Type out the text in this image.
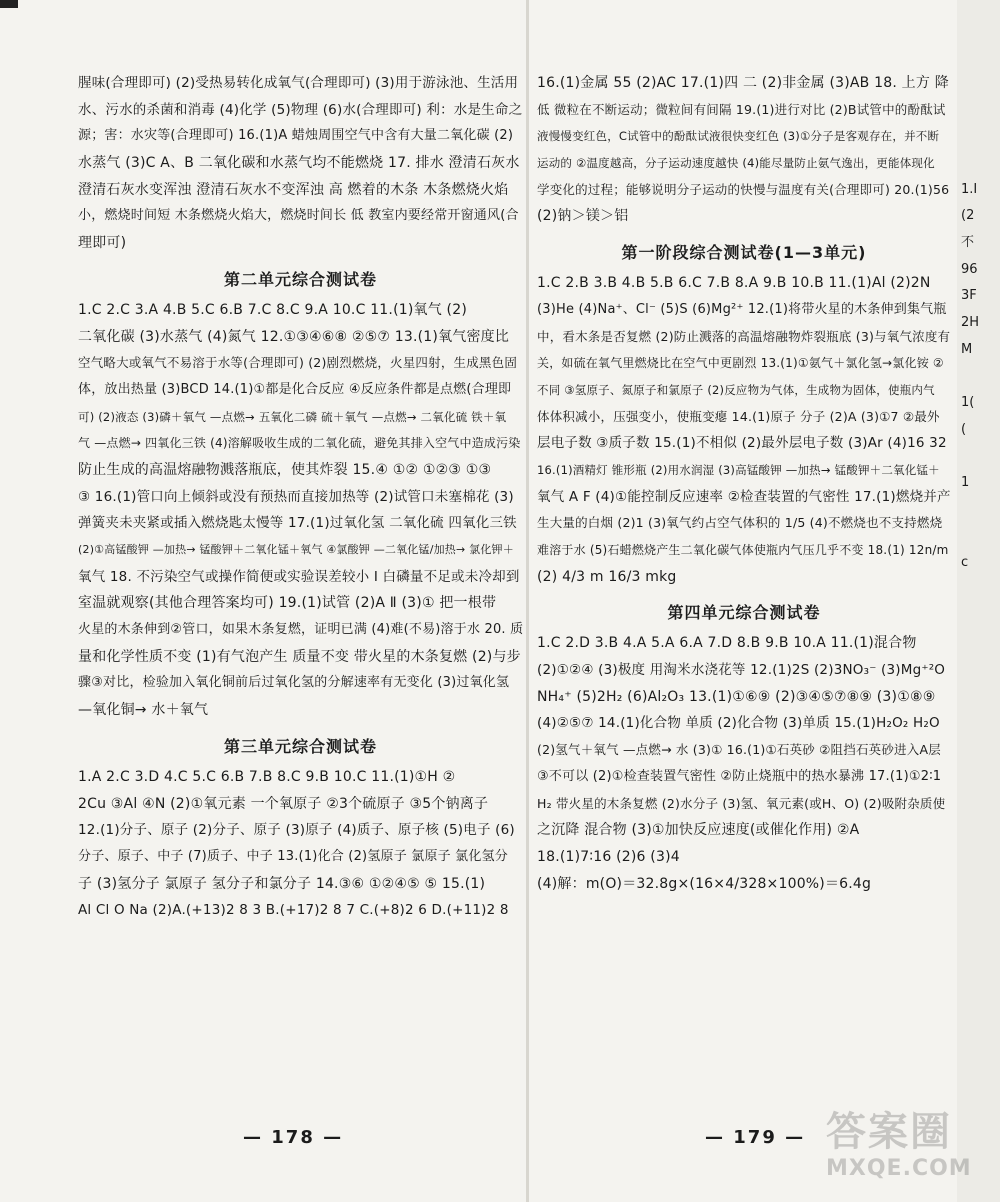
腥味(合理即可) (2)受热易转化成氧气(合理即可) (3)用于游泳池、生活用
水、污水的杀菌和消毒 (4)化学 (5)物理 (6)水(合理即可) 利：水是生命之
源；害：水灾等(合理即可) 16.(1)A 蜡烛周围空气中含有大量二氧化碳 (2)
水蒸气 (3)C A、B 二氧化碳和水蒸气均不能燃烧 17. 排水 澄清石灰水
澄清石灰水变浑浊 澄清石灰水不变浑浊 高 燃着的木条 木条燃烧火焰
小，燃烧时间短 木条燃烧火焰大，燃烧时间长 低 教室内要经常开窗通风(合
理即可)
第二单元综合测试卷
1.C 2.C 3.A 4.B 5.C 6.B 7.C 8.C 9.A 10.C 11.(1)氧气 (2)
二氧化碳 (3)水蒸气 (4)氮气 12.①③④⑥⑧ ②⑤⑦ 13.(1)氧气密度比
空气略大或氧气不易溶于水等(合理即可) (2)剧烈燃烧，火星四射，生成黑色固
体，放出热量 (3)BCD 14.(1)①都是化合反应 ④反应条件都是点燃(合理即
可) (2)液态 (3)磷＋氧气 —点燃→ 五氧化二磷 硫＋氧气 —点燃→ 二氧化硫 铁＋氧
气 —点燃→ 四氧化三铁 (4)溶解吸收生成的二氧化硫，避免其排入空气中造成污染
防止生成的高温熔融物溅落瓶底，使其炸裂 15.④ ①② ①②③ ①③
③ 16.(1)管口向上倾斜或没有预热而直接加热等 (2)试管口未塞棉花 (3)
弹簧夹未夹紧或插入燃烧匙太慢等 17.(1)过氧化氢 二氧化硫 四氧化三铁
(2)①高锰酸钾 —加热→ 锰酸钾＋二氧化锰＋氧气 ④氯酸钾 —二氧化锰/加热→ 氯化钾＋
氧气 18. 不污染空气或操作简便或实验误差较小 Ⅰ 白磷量不足或未冷却到
室温就观察(其他合理答案均可) 19.(1)试管 (2)A Ⅱ (3)① 把一根带
火星的木条伸到②管口，如果木条复燃，证明已满 (4)难(不易)溶于水 20. 质
量和化学性质不变 (1)有气泡产生 质量不变 带火星的木条复燃 (2)与步
骤③对比，检验加入氧化铜前后过氧化氢的分解速率有无变化 (3)过氧化氢
—氧化铜→ 水＋氧气
第三单元综合测试卷
1.A 2.C 3.D 4.C 5.C 6.B 7.B 8.C 9.B 10.C 11.(1)①H ②
2Cu ③Al ④N (2)①氧元素 一个氧原子 ②3个硫原子 ③5个钠离子
12.(1)分子、原子 (2)分子、原子 (3)原子 (4)质子、原子核 (5)电子 (6)
分子、原子、中子 (7)质子、中子 13.(1)化合 (2)氢原子 氯原子 氯化氢分
子 (3)氢分子 氯原子 氢分子和氯分子 14.③⑥ ①②④⑤ ⑤ 15.(1)
Al Cl O Na (2)A.(+13)2 8 3 B.(+17)2 8 7 C.(+8)2 6 D.(+11)2 8
— 178 —
16.(1)金属 55 (2)AC 17.(1)四 二 (2)非金属 (3)AB 18. 上方 降
低 微粒在不断运动；微粒间有间隔 19.(1)进行对比 (2)B试管中的酚酞试
液慢慢变红色，C试管中的酚酞试液很快变红色 (3)①分子是客观存在，并不断
运动的 ②温度越高，分子运动速度越快 (4)能尽量防止氨气逸出，更能体现化
学变化的过程；能够说明分子运动的快慢与温度有关(合理即可) 20.(1)56
(2)钠＞镁＞铝
第一阶段综合测试卷(1—3单元)
1.C 2.B 3.B 4.B 5.B 6.C 7.B 8.A 9.B 10.B 11.(1)Al (2)2N
(3)He (4)Na⁺、Cl⁻ (5)S (6)Mg²⁺ 12.(1)将带火星的木条伸到集气瓶
中，看木条是否复燃 (2)防止溅落的高温熔融物炸裂瓶底 (3)与氧气浓度有
关，如硫在氧气里燃烧比在空气中更剧烈 13.(1)①氨气＋氯化氢→氯化铵 ②
不同 ③氢原子、氮原子和氯原子 (2)反应物为气体，生成物为固体，使瓶内气
体体积减小，压强变小，使瓶变瘪 14.(1)原子 分子 (2)A (3)①7 ②最外
层电子数 ③质子数 15.(1)不相似 (2)最外层电子数 (3)Ar (4)16 32
16.(1)酒精灯 锥形瓶 (2)用水润湿 (3)高锰酸钾 —加热→ 锰酸钾＋二氧化锰＋
氧气 A F (4)①能控制反应速率 ②检查装置的气密性 17.(1)燃烧并产
生大量的白烟 (2)1 (3)氧气约占空气体积的 1/5 (4)不燃烧也不支持燃烧
难溶于水 (5)石蜡燃烧产生二氧化碳气体使瓶内气压几乎不变 18.(1) 12n/m
(2) 4/3 m 16/3 mkg
第四单元综合测试卷
1.C 2.D 3.B 4.A 5.A 6.A 7.D 8.B 9.B 10.A 11.(1)混合物
(2)①②④ (3)极度 用淘米水浇花等 12.(1)2S (2)3NO₃⁻ (3)Mg⁺²O
NH₄⁺ (5)2H₂ (6)Al₂O₃ 13.(1)①⑥⑨ (2)③④⑤⑦⑧⑨ (3)①⑧⑨
(4)②⑤⑦ 14.(1)化合物 单质 (2)化合物 (3)单质 15.(1)H₂O₂ H₂O
(2)氢气＋氧气 —点燃→ 水 (3)① 16.(1)①石英砂 ②阻挡石英砂进入A层
③不可以 (2)①检查装置气密性 ②防止烧瓶中的热水暴沸 17.(1)①2∶1
H₂ 带火星的木条复燃 (2)水分子 (3)氢、氧元素(或H、O) (2)吸附杂质使
之沉降 混合物 (3)①加快反应速度(或催化作用) ②A
18.(1)7∶16 (2)6 (3)4
(4)解：m(O)＝32.8g×(16×4/328×100%)＝6.4g
— 179 —
1.I
(2
不
96
3F
2H
M
1(
(
1
c
答案圈
MXQE.COM
